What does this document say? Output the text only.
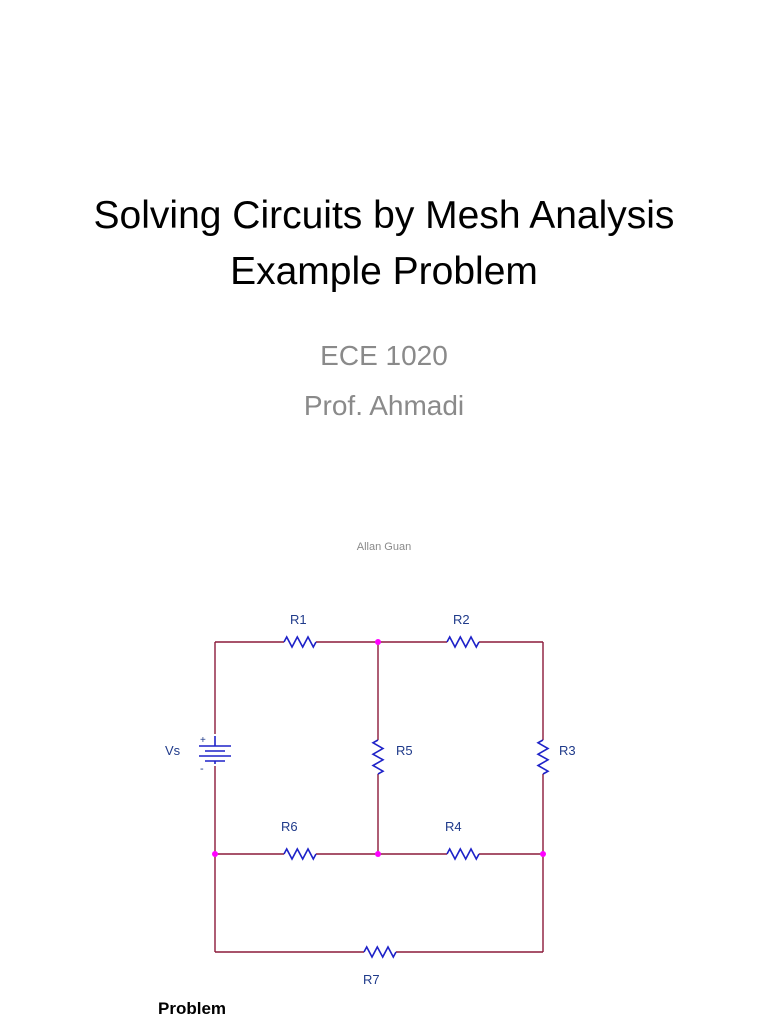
Solving Circuits by Mesh Analysis
Example Problem
ECE 1020
Prof. Ahmadi
Allan Guan
R1	R2
R3
R5
Vs
+
-
R6	R4
R7
Problem
